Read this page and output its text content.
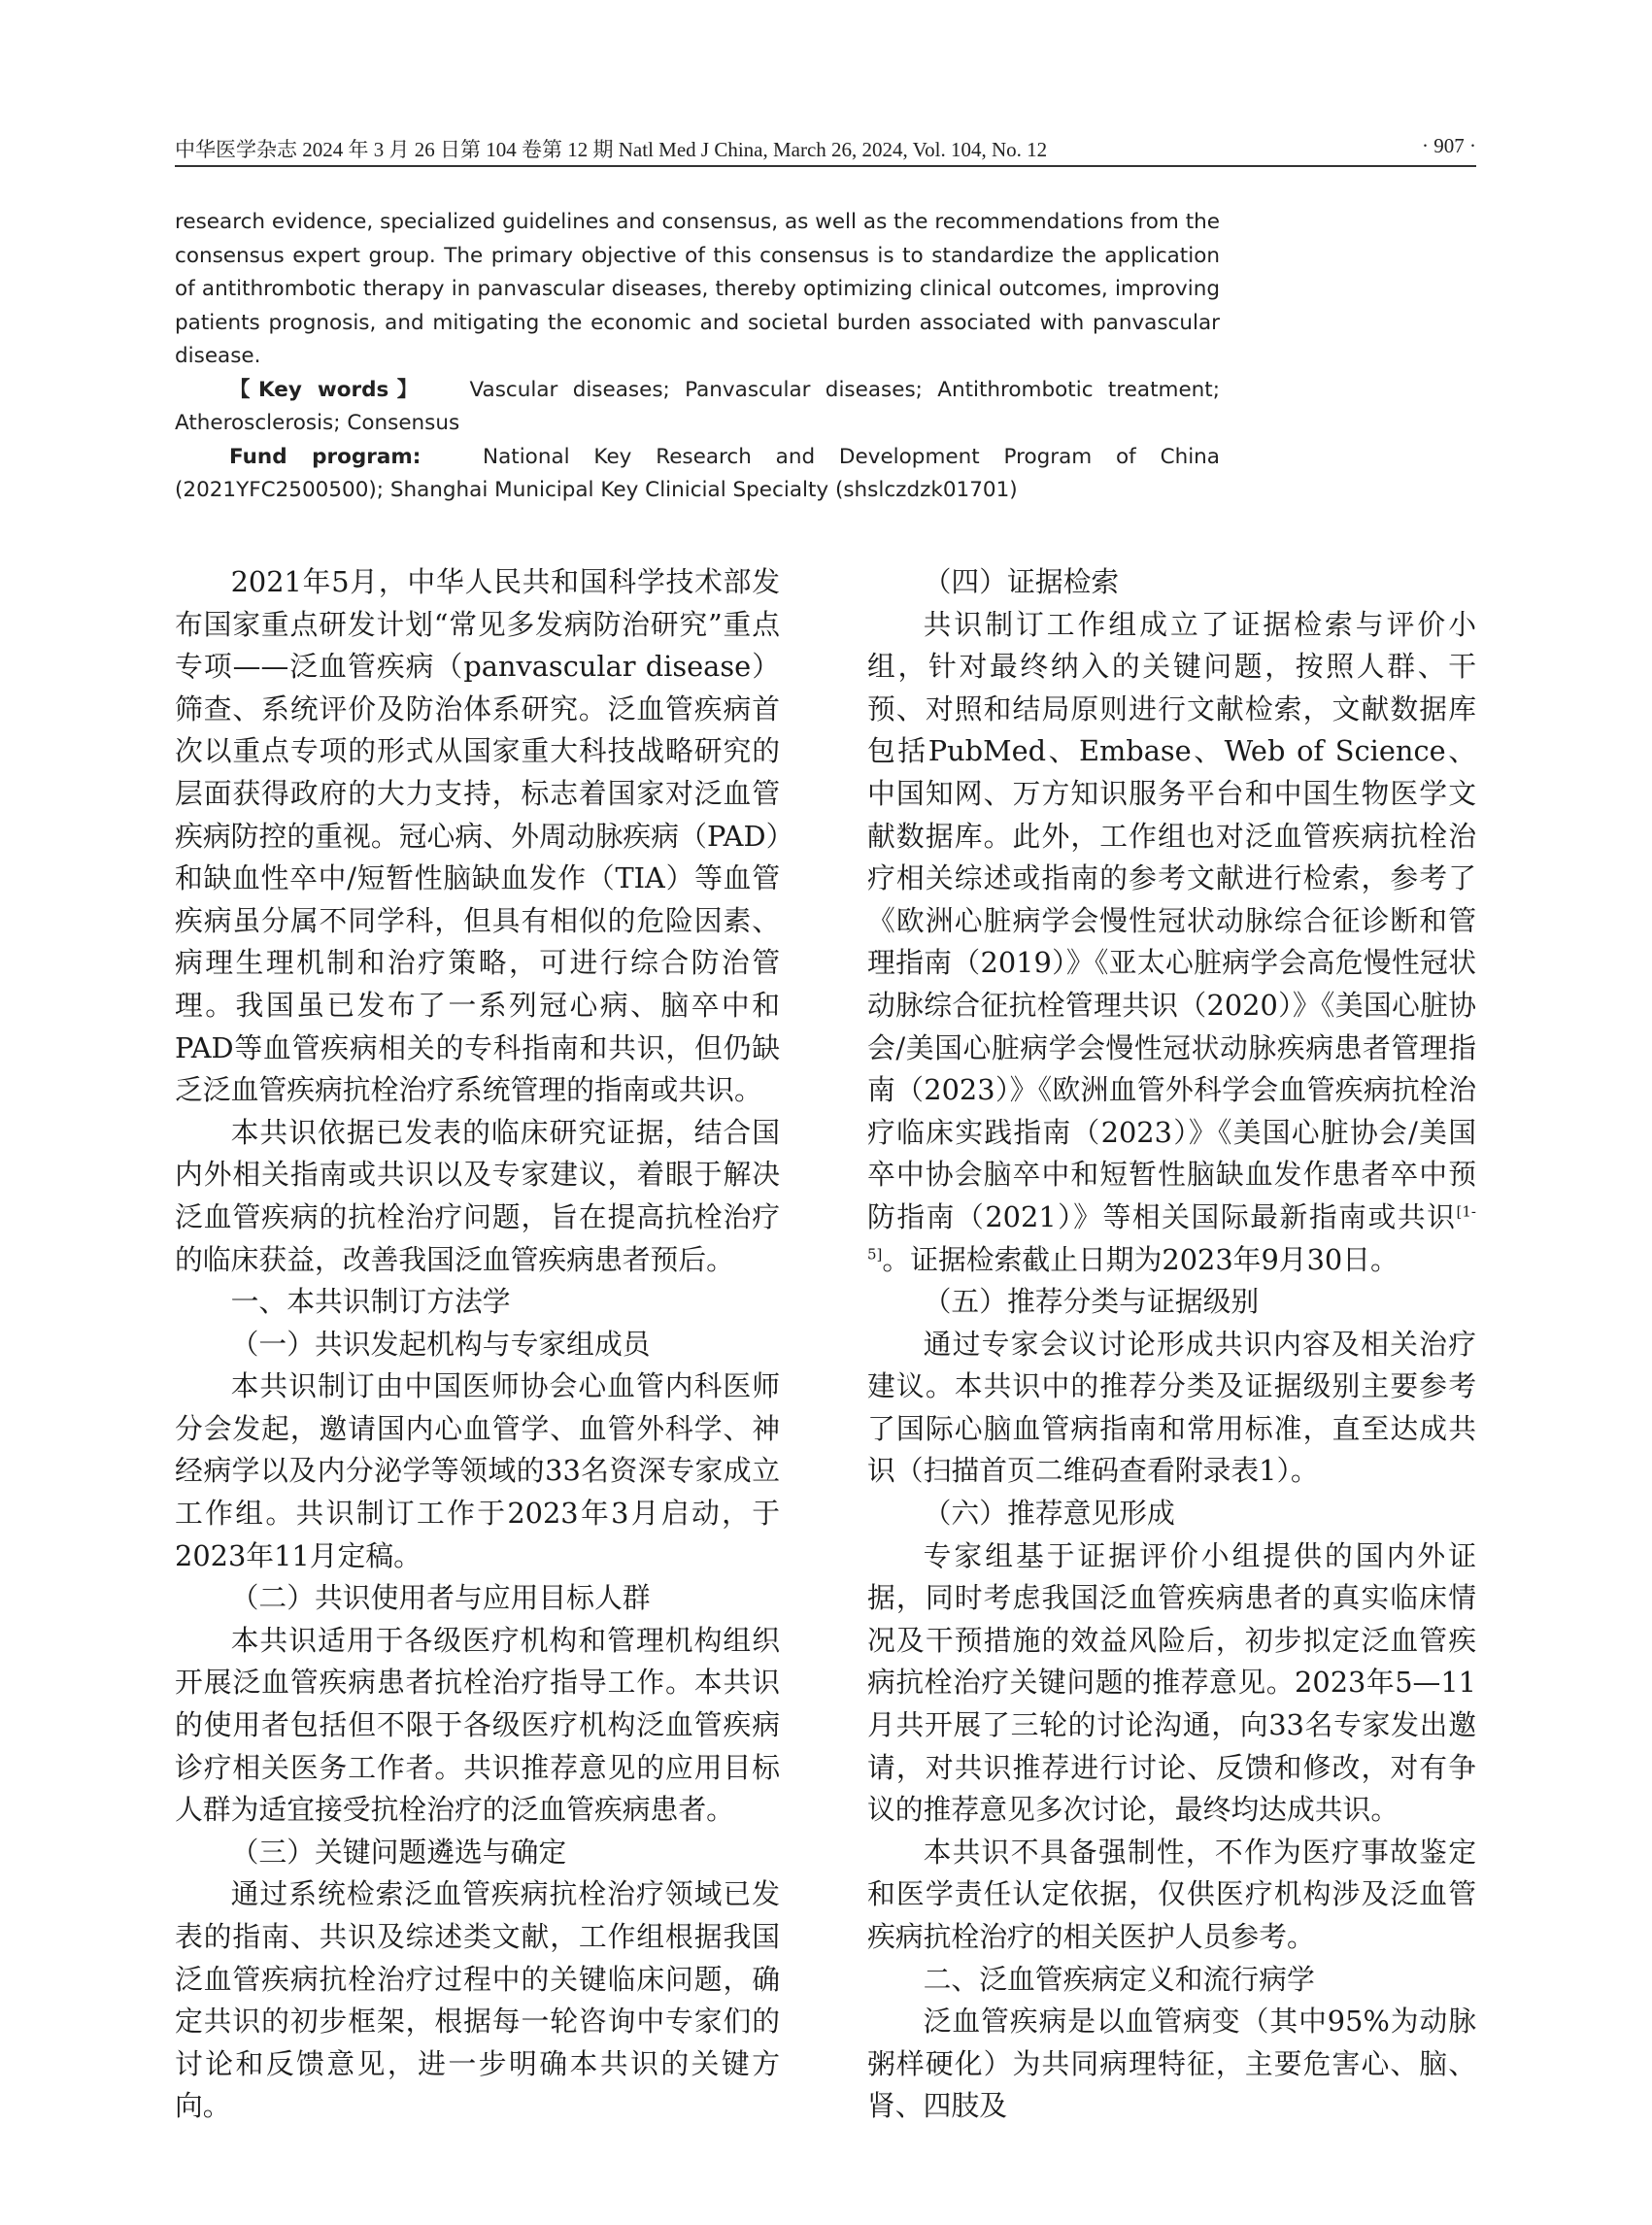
中华医学杂志 2024 年 3 月 26 日第 104 卷第 12 期 Natl Med J China, March 26, 2024, Vol. 104, No. 12	· 907 ·

research evidence, specialized guidelines and consensus, as well as the recommendations from the consensus expert group. The primary objective of this consensus is to standardize the application of antithrombotic therapy in panvascular diseases, thereby optimizing clinical outcomes, improving patients prognosis, and mitigating the economic and societal burden associated with panvascular disease.

【Key words】 Vascular diseases; Panvascular diseases; Antithrombotic treatment; Atherosclerosis; Consensus

Fund program:	National Key Research and Development Program of China (2021YFC2500500); Shanghai Municipal Key Clinicial Specialty (shslczdzk01701)

2021年5月，中华人民共和国科学技术部发布国家重点研发计划“常见多发病防治研究”重点专项——泛血管疾病（panvascular disease）筛查、系统评价及防治体系研究。泛血管疾病首次以重点专项的形式从国家重大科技战略研究的层面获得政府的大力支持，标志着国家对泛血管疾病防控的重视。冠心病、外周动脉疾病（PAD）和缺血性卒中/短暂性脑缺血发作（TIA）等血管疾病虽分属不同学科，但具有相似的危险因素、病理生理机制和治疗策略，可进行综合防治管理。我国虽已发布了一系列冠心病、脑卒中和PAD等血管疾病相关的专科指南和共识，但仍缺乏泛血管疾病抗栓治疗系统管理的指南或共识。

本共识依据已发表的临床研究证据，结合国内外相关指南或共识以及专家建议，着眼于解决泛血管疾病的抗栓治疗问题，旨在提高抗栓治疗的临床获益，改善我国泛血管疾病患者预后。

一、本共识制订方法学

（一）共识发起机构与专家组成员

本共识制订由中国医师协会心血管内科医师分会发起，邀请国内心血管学、血管外科学、神经病学以及内分泌学等领域的33名资深专家成立工作组。共识制订工作于2023年3月启动，于2023年11月定稿。

（二）共识使用者与应用目标人群

本共识适用于各级医疗机构和管理机构组织开展泛血管疾病患者抗栓治疗指导工作。本共识的使用者包括但不限于各级医疗机构泛血管疾病诊疗相关医务工作者。共识推荐意见的应用目标人群为适宜接受抗栓治疗的泛血管疾病患者。

（三）关键问题遴选与确定

通过系统检索泛血管疾病抗栓治疗领域已发表的指南、共识及综述类文献，工作组根据我国泛血管疾病抗栓治疗过程中的关键临床问题，确定共识的初步框架，根据每一轮咨询中专家们的讨论和反馈意见，进一步明确本共识的关键方向。

（四）证据检索

共识制订工作组成立了证据检索与评价小组，针对最终纳入的关键问题，按照人群、干预、对照和结局原则进行文献检索，文献数据库包括PubMed、Embase、Web of Science、中国知网、万方知识服务平台和中国生物医学文献数据库。此外，工作组也对泛血管疾病抗栓治疗相关综述或指南的参考文献进行检索，参考了《欧洲心脏病学会慢性冠状动脉综合征诊断和管理指南（2019）》《亚太心脏病学会高危慢性冠状动脉综合征抗栓管理共识（2020）》《美国心脏协会/美国心脏病学会慢性冠状动脉疾病患者管理指南（2023）》《欧洲血管外科学会血管疾病抗栓治疗临床实践指南（2023）》《美国心脏协会/美国卒中协会脑卒中和短暂性脑缺血发作患者卒中预防指南（2021）》等相关国际最新指南或共识[1-5]。证据检索截止日期为2023年9月30日。

（五）推荐分类与证据级别

通过专家会议讨论形成共识内容及相关治疗建议。本共识中的推荐分类及证据级别主要参考了国际心脑血管病指南和常用标准，直至达成共识（扫描首页二维码查看附录表1）。

（六）推荐意见形成

专家组基于证据评价小组提供的国内外证据，同时考虑我国泛血管疾病患者的真实临床情况及干预措施的效益风险后，初步拟定泛血管疾病抗栓治疗关键问题的推荐意见。2023年5—11月共开展了三轮的讨论沟通，向33名专家发出邀请，对共识推荐进行讨论、反馈和修改，对有争议的推荐意见多次讨论，最终均达成共识。

本共识不具备强制性，不作为医疗事故鉴定和医学责任认定依据，仅供医疗机构涉及泛血管疾病抗栓治疗的相关医护人员参考。

二、泛血管疾病定义和流行病学

泛血管疾病是以血管病变（其中95%为动脉粥样硬化）为共同病理特征，主要危害心、脑、肾、四肢及
